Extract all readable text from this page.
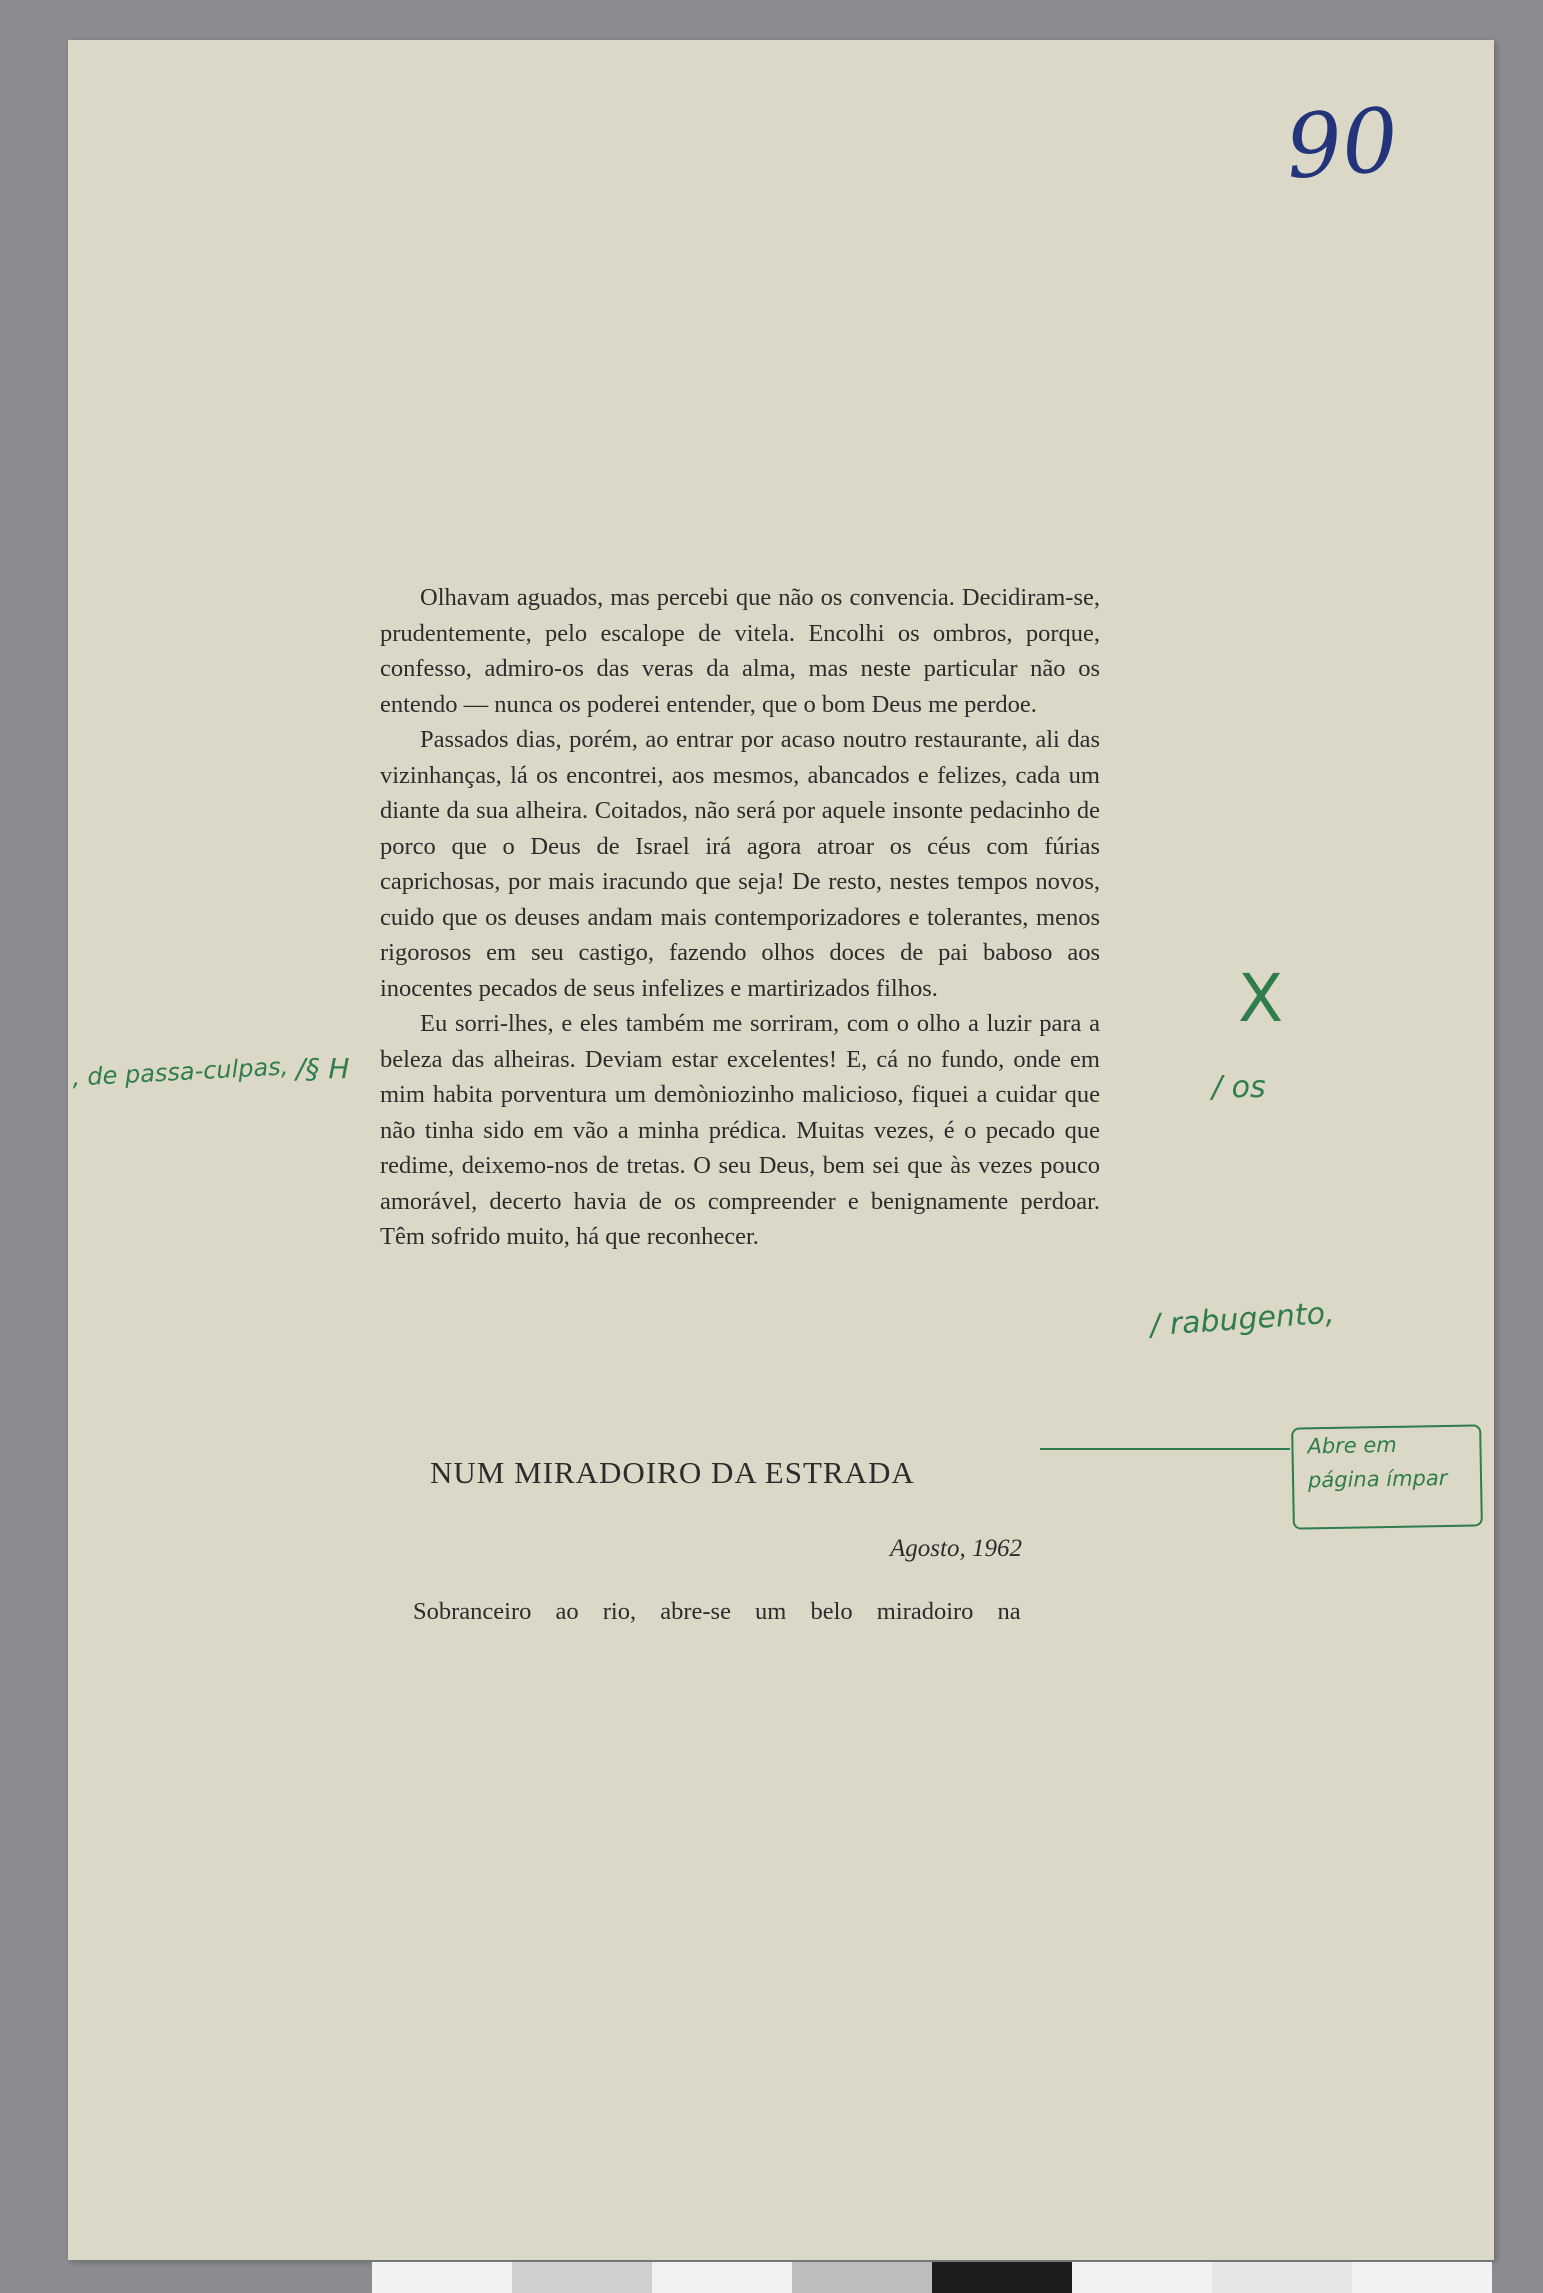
90

Olhavam aguados, mas percebi que não os convencia. Decidiram-se, prudentemente, pelo escalope de vitela. Encolhi os ombros, porque, confesso, admiro-os das veras da alma, mas neste particular não os entendo — nunca os poderei entender, que o bom Deus me perdoe.

Passados dias, porém, ao entrar por acaso noutro restaurante, ali das vizinhanças, lá os encontrei, aos mesmos, abancados e felizes, cada um diante da sua alheira. Coitados, não será por aquele insonte pedacinho de porco que o Deus de Israel irá agora atroar os céus com fúrias caprichosas, por mais iracundo que seja! De resto, nestes tempos novos, cuido que os deuses andam mais contemporizadores e tolerantes, menos rigorosos em seu castigo, fazendo olhos doces de pai baboso aos inocentes pecados de seus infelizes e martirizados filhos.

Eu sorri-lhes, e eles também me sorriram, com o olho a luzir para a beleza das alheiras. Deviam estar excelentes! E, cá no fundo, onde em mim habita porventura um demòniozinho malicioso, fiquei a cuidar que não tinha sido em vão a minha prédica. Muitas vezes, é o pecado que redime, deixemo-nos de tretas. O seu Deus, bem sei que às vezes pouco amorável, decerto havia de os compreender e benignamente perdoar. Têm sofrido muito, há que reconhecer.

NUM MIRADOIRO DA ESTRADA
Agosto, 1962
Sobranceiro ao rio, abre-se um belo miradoiro na
, de passa-culpas, /§ H
X
/ os
/ rabugento,
Abre em
página ímpar
